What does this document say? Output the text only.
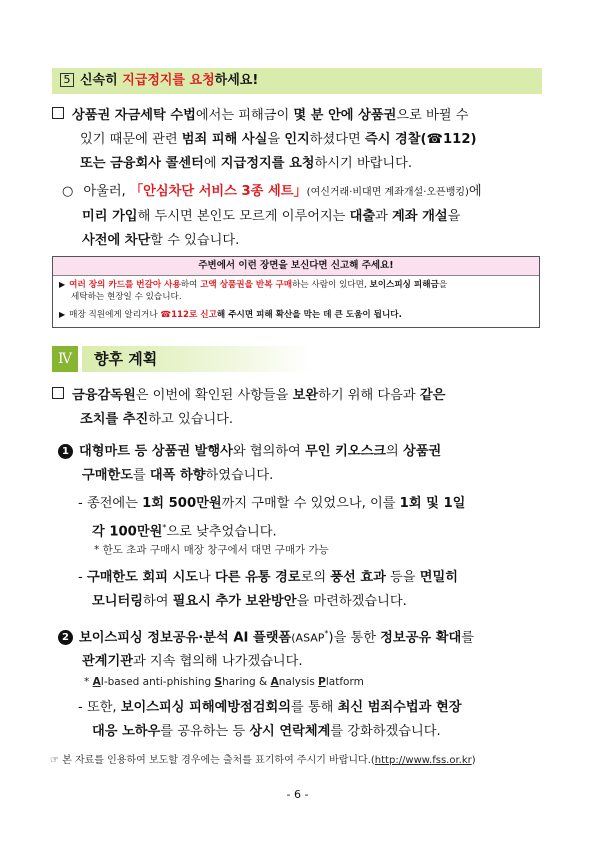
5 신속히 지급정지를 요청하세요!
상품권 자금세탁 수법에서는 피해금이 몇 분 안에 상품권으로 바뀔 수
있기 때문에 관련 범죄 피해 사실을 인지하셨다면 즉시 경찰(☎112)
또는 금융회사 콜센터에 지급정지를 요청하시기 바랍니다.
○ 아울러, 「안심차단 서비스 3종 세트」(여신거래·비대면 계좌개설·오픈뱅킹)에
미리 가입해 두시면 본인도 모르게 이루어지는 대출과 계좌 개설을
사전에 차단할 수 있습니다.
주변에서 이런 장면을 보신다면 신고해 주세요!
▶ 여러 장의 카드를 번갈아 사용하여 고액 상품권을 반복 구매하는 사람이 있다면, 보이스피싱 피해금을
세탁하는 현장일 수 있습니다.
▶ 매장 직원에게 알리거나 ☎112로 신고해 주시면 피해 확산을 막는 데 큰 도움이 됩니다.
Ⅳ	향후 계획
금융감독원은 이번에 확인된 사항들을 보완하기 위해 다음과 같은
조치를 추진하고 있습니다.
1 대형마트 등 상품권 발행사와 협의하여 무인 키오스크의 상품권
구매한도를 대폭 하향하였습니다.
- 종전에는 1회 500만원까지 구매할 수 있었으나, 이를 1회 및 1일
각 100만원*으로 낮추었습니다.
* 한도 초과 구매시 매장 창구에서 대면 구매가 가능
- 구매한도 회피 시도나 다른 유통 경로로의 풍선 효과 등을 면밀히
모니터링하여 필요시 추가 보완방안을 마련하겠습니다.
2 보이스피싱 정보공유·분석 AI 플랫폼(ASAP*)을 통한 정보공유 확대를
관계기관과 지속 협의해 나가겠습니다.
* AI-based anti-phishing Sharing & Analysis Platform
- 또한, 보이스피싱 피해예방점검회의를 통해 최신 범죄수법과 현장
대응 노하우를 공유하는 등 상시 연락체계를 강화하겠습니다.
☞ 본 자료를 인용하여 보도할 경우에는 출처를 표기하여 주시기 바랍니다.(http://www.fss.or.kr)
- 6 -
